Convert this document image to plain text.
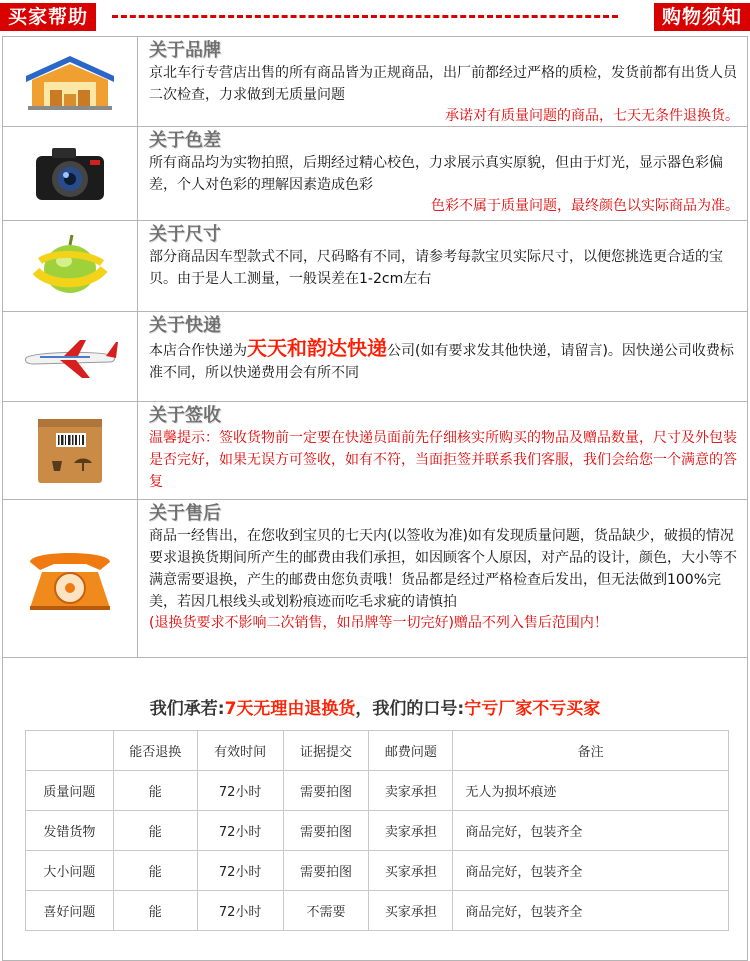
买家帮助	购物须知
关于品牌
京北车行专营店出售的所有商品皆为正规商品，出厂前都经过严格的质检，发货前都有出货人员二次检查，力求做到无质量问题
承诺对有质量问题的商品，七天无条件退换货。
关于色差
所有商品均为实物拍照，后期经过精心校色，力求展示真实原貌，但由于灯光，显示器色彩偏差，个人对色彩的理解因素造成色彩
色彩不属于质量问题，最终颜色以实际商品为准。
关于尺寸
部分商品因车型款式不同，尺码略有不同，请参考每款宝贝实际尺寸，以便您挑选更合适的宝贝。由于是人工测量，一般误差在1-2cm左右
关于快递
本店合作快递为天天和韵达快递公司(如有要求发其他快递，请留言)。因快递公司收费标准不同，所以快递费用会有所不同
关于签收
温馨提示：签收货物前一定要在快递员面前先仔细核实所购买的物品及赠品数量，尺寸及外包装是否完好，如果无误方可签收，如有不符，当面拒签并联系我们客服，我们会给您一个满意的答复
关于售后
商品一经售出，在您收到宝贝的七天内(以签收为准)如有发现质量问题，货品缺少，破损的情况要求退换货期间所产生的邮费由我们承担，如因顾客个人原因，对产品的设计，颜色，大小等不满意需要退换，产生的邮费由您负责哦！货品都是经过严格检查后发出，但无法做到100%完美，若因几根线头或划粉痕迹而吃毛求疵的请慎拍
(退换货要求不影响二次销售，如吊牌等一切完好)赠品不列入售后范围内！
我们承若:7天无理由退换货，我们的口号:宁亏厂家不亏买家
	能否退换	有效时间	证据提交	邮费问题	备注
质量问题	能	72小时	需要拍图	卖家承担	无人为损坏痕迹
发错货物	能	72小时	需要拍图	卖家承担	商品完好，包装齐全
大小问题	能	72小时	需要拍图	买家承担	商品完好，包装齐全
喜好问题	能	72小时	不需要	买家承担	商品完好，包装齐全
